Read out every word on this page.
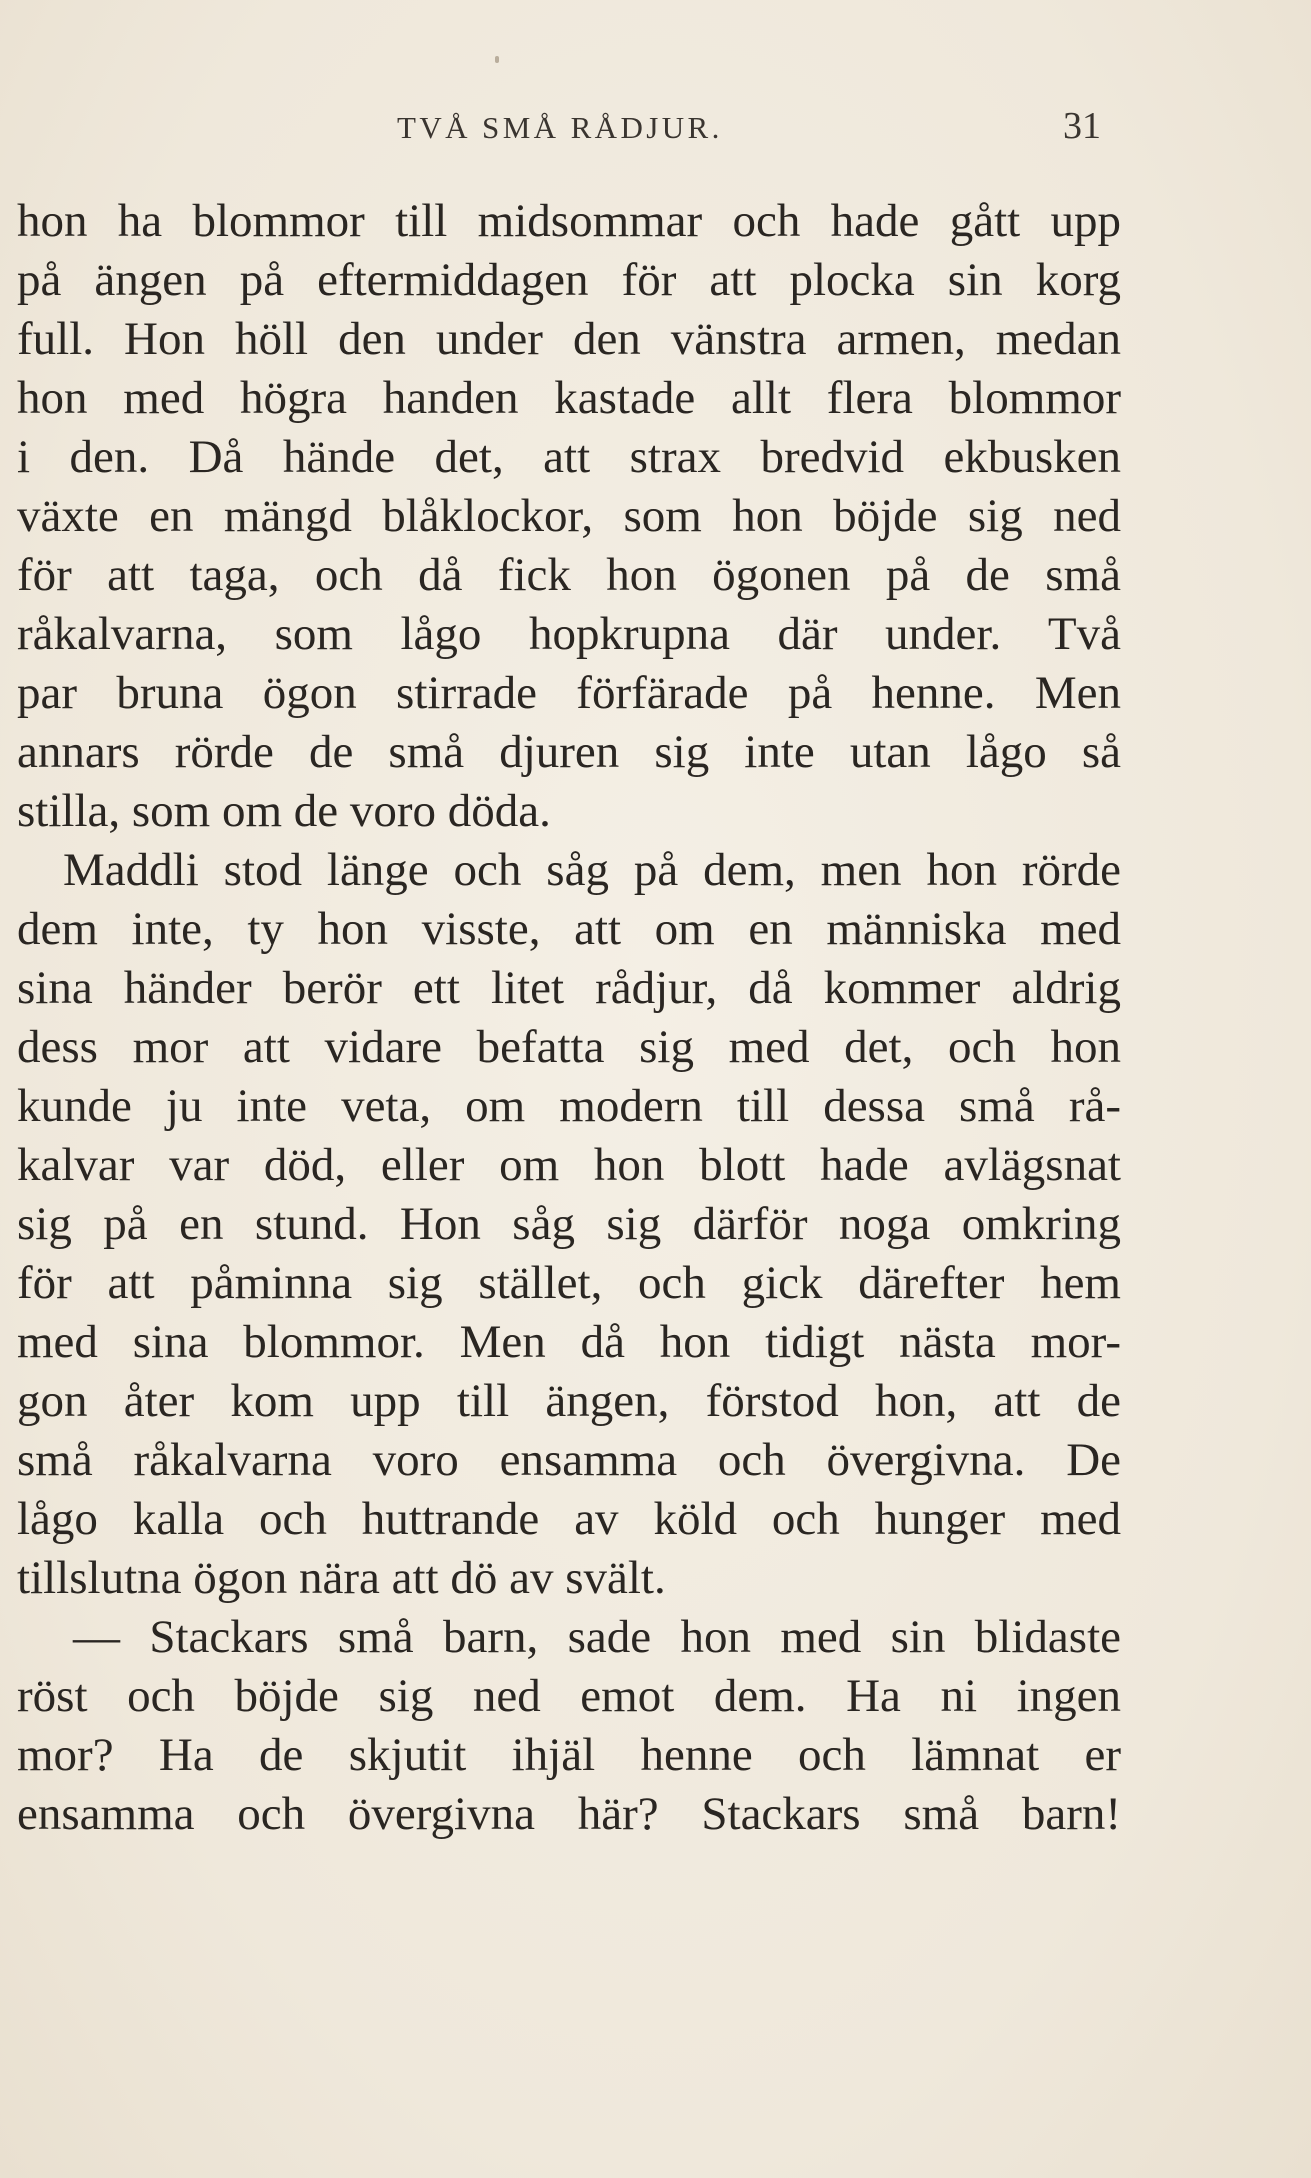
TVÅ SMÅ RÅDJUR.	31
hon ha blommor till midsommar och hade gått upp
på ängen på eftermiddagen för att plocka sin korg
full. Hon höll den under den vänstra armen, medan
hon med högra handen kastade allt flera blommor
i den. Då hände det, att strax bredvid ekbusken
växte en mängd blåklockor, som hon böjde sig ned
för att taga, och då fick hon ögonen på de små
råkalvarna, som lågo hopkrupna där under. Två
par bruna ögon stirrade förfärade på henne. Men
annars rörde de små djuren sig inte utan lågo så
stilla, som om de voro döda.
Maddli stod länge och såg på dem, men hon rörde
dem inte, ty hon visste, att om en människa med
sina händer berör ett litet rådjur, då kommer aldrig
dess mor att vidare befatta sig med det, och hon
kunde ju inte veta, om modern till dessa små rå-
kalvar var död, eller om hon blott hade avlägsnat
sig på en stund. Hon såg sig därför noga omkring
för att påminna sig stället, och gick därefter hem
med sina blommor. Men då hon tidigt nästa mor-
gon åter kom upp till ängen, förstod hon, att de
små råkalvarna voro ensamma och övergivna. De
lågo kalla och huttrande av köld och hunger med
tillslutna ögon nära att dö av svält.
— Stackars små barn, sade hon med sin blidaste
röst och böjde sig ned emot dem. Ha ni ingen
mor? Ha de skjutit ihjäl henne och lämnat er
ensamma och övergivna här? Stackars små barn!
